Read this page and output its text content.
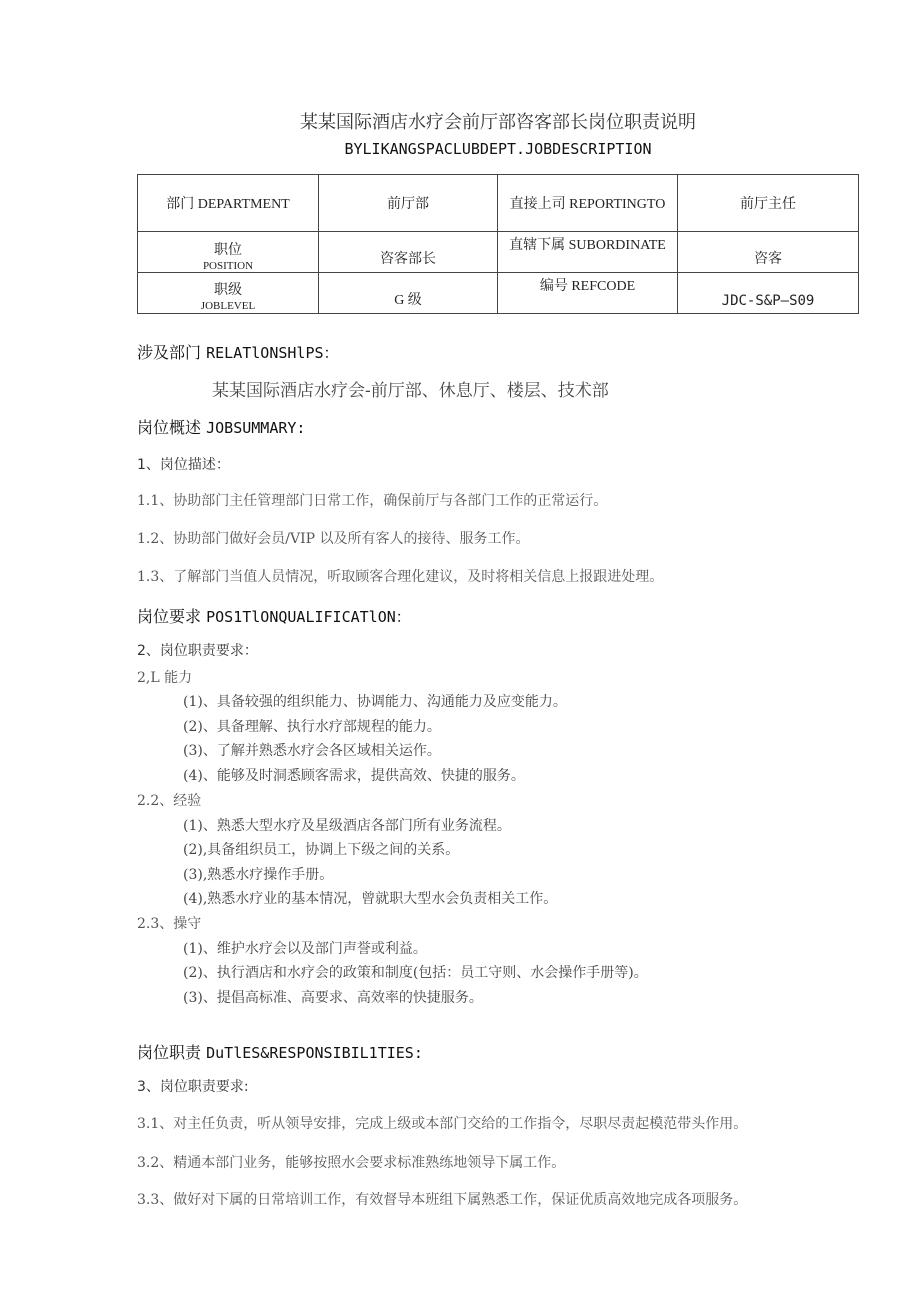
某某国际酒店水疗会前厅部咨客部长岗位职责说明
BYLIKANGSPACLUBDEPT.JOBDESCRIPTION
部门 DEPARTMENT	前厅部	直接上司 REPORTINGTO	前厅主任

职位
POSITION	咨客部长	直辖下属 SUBORDINATE	咨客

职级
JOBLEVEL	G 级	编号 REFCODE	JDC-S&P—S09
涉及部门 RELATlONSHlPS：
某某国际酒店水疗会-前厅部、休息厅、楼层、技术部
岗位概述 JOBSUMMARY:
1、岗位描述：
1.1、协助部门主任管理部门日常工作，确保前厅与各部门工作的正常运行。
1.2、协助部门做好会员/VIP 以及所有客人的接待、服务工作。
1.3、了解部门当值人员情况，听取顾客合理化建议，及时将相关信息上报跟进处理。
岗位要求 POS1TlONQUALIFICATlON：
2、岗位职责要求：
2,L 能力
(1)、具备较强的组织能力、协调能力、沟通能力及应变能力。
(2)、具备理解、执行水疗部规程的能力。
(3)、了解并熟悉水疗会各区域相关运作。
(4)、能够及时洞悉顾客需求，提供高效、快捷的服务。
2.2、经验
(1)、熟悉大型水疗及星级酒店各部门所有业务流程。
(2),具备组织员工，协调上下级之间的关系。
(3),熟悉水疗操作手册。
(4),熟悉水疗业的基本情况，曾就职大型水会负责相关工作。
2.3、操守
(1)、维护水疗会以及部门声誉或利益。
(2)、执行酒店和水疗会的政策和制度(包括：员工守则、水会操作手册等)。
(3)、提倡高标准、高要求、高效率的快捷服务。
岗位职责 DuTlES&RESPONSIBIL1TIES:
3、岗位职责要求:
3.1、对主任负责，听从领导安排，完成上级或本部门交给的工作指令，尽职尽责起模范带头作用。
3.2、精通本部门业务，能够按照水会要求标准熟练地领导下属工作。
3.3、做好对下属的日常培训工作，有效督导本班组下属熟悉工作，保证优质高效地完成各项服务。
